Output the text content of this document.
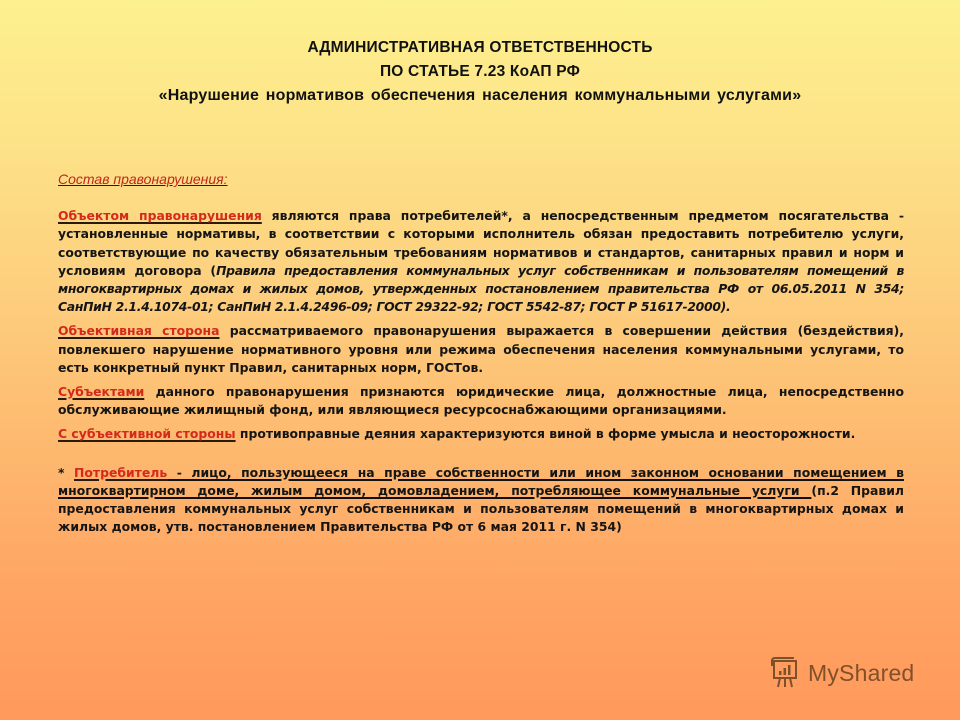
АДМИНИСТРАТИВНАЯ ОТВЕТСТВЕННОСТЬ
ПО СТАТЬЕ 7.23 КоАП РФ
«Нарушение нормативов обеспечения населения коммунальными услугами»
Состав правонарушения:

Объектом правонарушения являются права потребителей*, а непосредственным предметом посягательства - установленные нормативы, в соответствии с которыми исполнитель обязан предоставить потребителю услуги, соответствующие по качеству обязательным требованиям нормативов и стандартов, санитарных правил и норм и условиям договора (Правила предоставления коммунальных услуг собственникам и пользователям помещений в многоквартирных домах и жилых домов, утвержденных постановлением правительства РФ от 06.05.2011 N 354; СанПиН 2.1.4.1074-01; СанПиН 2.1.4.2496-09; ГОСТ 29322-92; ГОСТ 5542-87; ГОСТ Р 51617-2000).

Объективная сторона рассматриваемого правонарушения выражается в совершении действия (бездействия), повлекшего нарушение нормативного уровня или режима обеспечения населения коммунальными услугами, то есть конкретный пункт Правил, санитарных норм, ГОСТов.

Субъектами данного правонарушения признаются юридические лица, должностные лица, непосредственно обслуживающие жилищный фонд, или являющиеся ресурсоснабжающими организациями.

С субъективной стороны противоправные деяния характеризуются виной в форме умысла и неосторожности.

* Потребитель - лицо, пользующееся на праве собственности или ином законном основании помещением в многоквартирном доме, жилым домом, домовладением, потребляющее коммунальные услуги (п.2 Правил предоставления коммунальных услуг собственникам и пользователям помещений в многоквартирных домах и жилых домов, утв. постановлением Правительства РФ от 6 мая 2011 г. N 354)

MyShared
